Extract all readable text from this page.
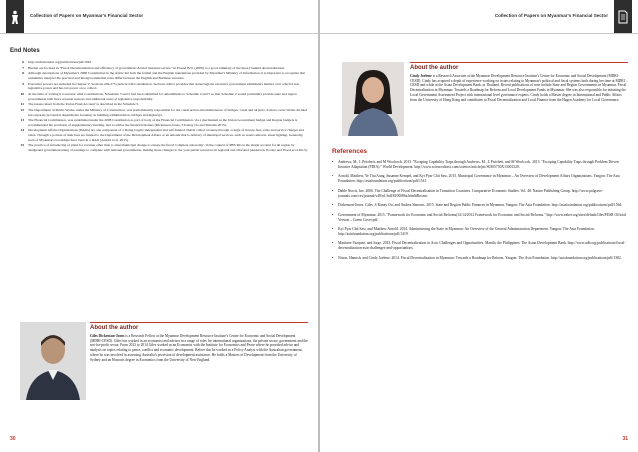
Collection of Papers on Myanmar's Financial Sector
End Notes
6	http://unfederation.org/publications/pdf/1961
7	Burden are focused in "Fiscal Decentralization and efficiency of government: A brief literature review" in Prasad B.N. (2009) to a good summary of the theory behind decentralization.
8	Although descriptions of Myanmar's 2008 Constitution in the article list both the formal and the English translations provided by Myanmar's Ministry of Information, it is important to recognize that sometimes interpret the practical and intergovernmental roles differ between the English and Burmese versions.
9	Executive powers are included in Chapter V, Sections 249-275 (Article 249 Constitution. Sections 249 to provides that states/regions executive government administers matters over which it has legislative power and has tax power on to collect.
10	At the time of writing it is unclear what Constitutions, Schedules 3 and 5 had been submitted for amendments to Schedule 2 and 5 so that Schedule 2 would potentially provide state and region governments with more revenue sources and additional areas of legislative responsibility.
11	The issues raised from the Union Fund Account' is described in the Schedule 5.
12	The Department of Public Works, under the Ministry of Construction, was predominantly responsible for the construction and maintenance of bridges, roads and airports. It then covers Works divided into separate provincial departments focusing on building administration, bridges and highways.
13	The Financial Commission, was established under the 2008 Constitution as part of body of the Financial Commission, via a mechanism as the Union Government budget and Region budgets is recommended the provision of supplementary funding, and to advise the financial matters (Dickenson-Jones, S Kanay Oo and Simonis 2015).
14	Development Affairs Organizations (DAOs) are one component of a Doing largely independent and self-funded. DAOs collect revenue through a range of licence fees, rates and service charges and taxes. Through a portion of their fees are funded to the Department of the Development Affairs or an amount that is delivery of municipal services, such as waste removal, street lighting. Generally, each of Myanmar's townships have been in a DAO (Arnold et al. 2015).
15	The practice of introducing of plans for revenue other than to state/municipal change to ensure the fiscal 'complete autonomy'. In the context of PBS this is the single account for all region by designated government using of earnings to complete with national governments, making those changes to the your public resources in regional and allocated (Anderson, Pooley and Wood ecol 2013).
About the author
Giles Dickenson-Jones is a Research Fellow at the Myanmar Development Resource Institute's Centre for Economic and Social Development (MDRI-CESD). Giles has worked in an economist and adviser in a range of roles for international organizations, the private sector, government and the not-for-profit sector. From 2012 to 2014 Giles worked as an Economist with the Institute for Economics and Peace where he provided advice and analysis on topics relating to peace, conflict and economic development. Before this he worked as a Policy Analyst with the Australian government, where he was involved in assessing Australia's provision of development assistance. He holds a Masters of Development from the University of Sydney and an Honours degree in Economics from the University of New England.
30
Collection of Papers on Myanmar's Financial Sector
About the author
Cindy Joelene is a Research Associate at the Myanmar Development Resource Institute's Centre for Economic and Social Development (MDRI-CESD). Cindy has acquired a depth of experience working on issues relating to Myanmar's political and fiscal systems both during her time at MDRI – CESD and while at the Asian Development Bank, in Thailand. Recent publications of note include State and Region Governments in Myanmar, Fiscal Decentralization in Myanmar: Towards a Roadmap for Reform and Local Development Funds in Myanmar. She was also responsible for initiating the Local Government Assessment Project with international level governance experts. Cindy holds a Master degree in International and Public Affairs from the University of Hong Kong and contributes to Fiscal Decentralization and Local Finance from the Hagen Academy for Local Governance.
References
•	Andrews, M., L Pritchett, and M Woolcock. 2013. "Escaping Capability Traps through Andrews, M., L Pritchett, and M Woolcock. 2013. "Escaping Capability Traps through Problem Driven Iterative Adaptation (PDIA)." World Development. http://www.sciencedirect.com/science/article/pii/S0305750X13001320.
•	Arnold, Matthew, Ye Thu Aung, Susanne Kempel, and Kyi Pyar Chit Saw. 2015. Municipal Governance in Myanmar – An Overview of Development Affairs Organizations. Yangon: The Asia Foundation. http://asiafoundation.org/publications/pdf/1541.
•	Dahle Norris, Ine. 2006. The Challenge of Fiscal Decentralisation in Transition Countries. Comparative Economic Studies. Vol. 48. Nature Publishing Group. http://www.palgrave-journals.com/ces/journal/v48/n1/full/8100086a.html#Recent.
•	Dickenson-Jones, Giles, S Kanay Oo, and Andrea Simonis. 2015. State and Region Public Finances in Myanmar. Yangon: The Asia Foundation. http://asiafoundation.org/publications/pdf/1564.
•	Government of Myanmar. 2015. "Framework for Economic and Social Reforms(12/14/2012 Framework for Economic and Social Reforms." http://www.eaber.org/sites/default/files/FESR Official Version – Green Cover.pdf.
•	Kyi Pyar Chit Saw, and Matthew Arnold. 2014. Administering the State in Myanmar: An Overview of the General Administration Department. Yangon: The Asia Foundation. http://asiafoundation.org/publications/pdf/1419.
•	Martinez-Vazquez, and Jorge. 2013. Fiscal Decentralization in Asia: Challenges and Opportunities. Manila, the Philippines: The Asian Development Bank. http://www.adb.org/publications/fiscal-decentralization-asia-challenges-and-opportunities.
•	Nixon, Hamish, and Cindy Joelene. 2014. Fiscal Decentralization in Myanmar: Towards a Roadmap for Reform. Yangon: The Asia Foundation. http://asiafoundation.org/publications/pdf/1382.
31
